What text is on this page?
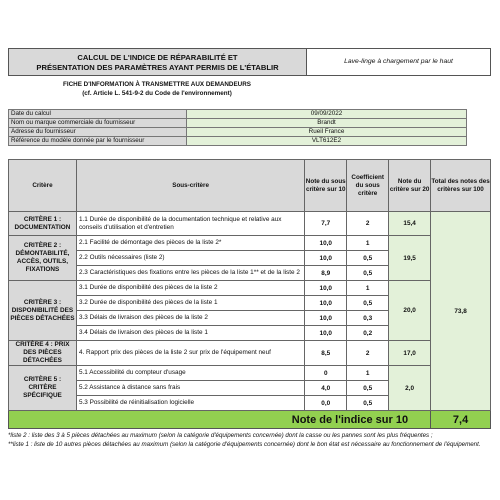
CALCUL DE L'INDICE DE RÉPARABILITÉ ET
PRÉSENTATION DES PARAMÈTRES AYANT PERMIS DE L'ÉTABLIR
Lave-linge à chargement par le haut
FICHE D'INFORMATION À TRANSMETTRE AUX DEMANDEURS
(cf. Article L. 541-9-2 du Code de l'environnement)
Date du calcul	09/09/2022	
Nom ou marque commerciale du fournisseur	Brandt	
Adresse du fournisseur	Rueil France	
Référence du modèle donnée par le fournisseur	VLT612E2	
Critère	Sous-critère	Note du sous critère sur 10	Coefficient du sous critère	Note du critère sur 20	Total des notes des critères sur 100
CRITÈRE 1 : DOCUMENTATION	1.1 Durée de disponibilité de la documentation technique et relative aux conseils d'utilisation et d'entretien	7,7	2	15,4	73,8
CRITÈRE 2 : DÉMONTABILITÉ, ACCÈS, OUTILS, FIXATIONS	2.1 Facilité de démontage des pièces de la liste 2*	10,0	1	19,5	
	2.2 Outils nécessaires (liste 2)	10,0	0,5		
	2.3 Caractéristiques des fixations entre les pièces de la liste 1** et de la liste 2	8,9	0,5		
CRITÈRE 3 : DISPONIBILITÉ DES PIÈCES DÉTACHÉES	3.1 Durée de disponibilité des pièces de la liste 2	10,0	1	20,0	
	3.2 Durée de disponibilité des pièces de la liste 1	10,0	0,5		
	3.3 Délais de livraison des pièces de la liste 2	10,0	0,3		
	3.4 Délais de livraison des pièces de la liste 1	10,0	0,2		
CRITÈRE 4 : PRIX DES PIÈCES DÉTACHÉES	4. Rapport prix des pièces de la liste 2 sur prix de l'équipement neuf	8,5	2	17,0	
CRITÈRE 5 : CRITÈRE SPÉCIFIQUE	5.1 Accessibilité du compteur d'usage	0	1	2,0	
	5.2 Assistance à distance sans frais	4,0	0,5		
	5.3 Possibilité de réinitialisation logicielle	0,0	0,5		
Note de l'indice sur 10					7,4
*liste 2 : liste des 3 à 5 pièces détachées au maximum (selon la catégorie d'équipements concernée) dont la casse ou les pannes sont les plus fréquentes ;
**liste 1 : liste de 10 autres pièces détachées au maximum (selon la catégorie d'équipements concernée) dont le bon état est nécessaire au fonctionnement de l'équipement.
